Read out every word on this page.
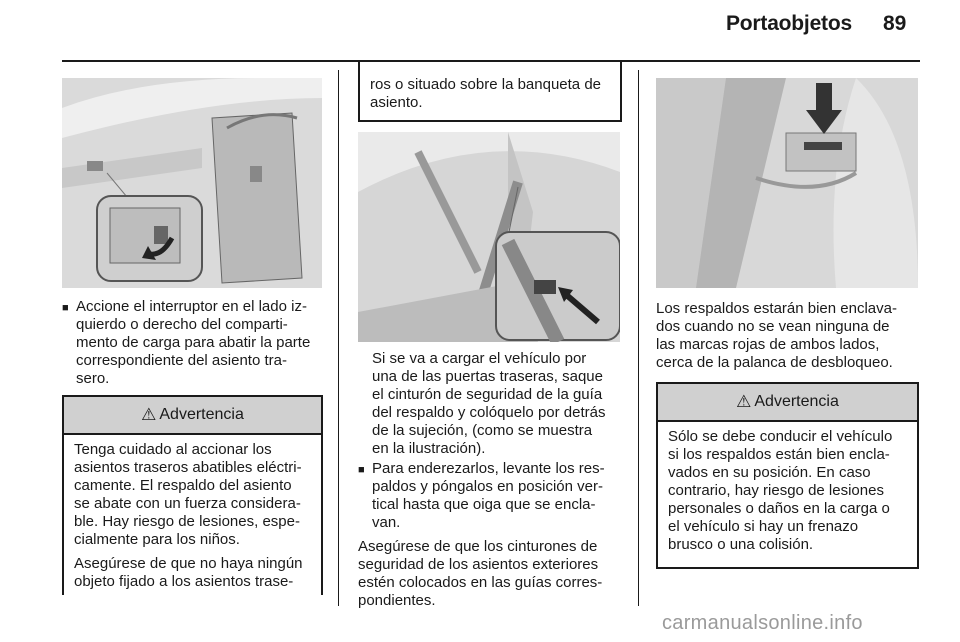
Portaobjetos 89
■ Accione el interruptor en el lado iz-
quierdo o derecho del comparti-
mento de carga para abatir la parte
correspondiente del asiento tra-
sero.

⚠ Advertencia

Tenga cuidado al accionar los
asientos traseros abatibles eléctri-
camente. El respaldo del asiento
se abate con un fuerza considera-
ble. Hay riesgo de lesiones, espe-
cialmente para los niños.

Asegúrese de que no haya ningún
objeto fijado a los asientos trase-

ros o situado sobre la banqueta de
asiento.

Si se va a cargar el vehículo por
una de las puertas traseras, saque
el cinturón de seguridad de la guía
del respaldo y colóquelo por detrás
de la sujeción, (como se muestra
en la ilustración).

■ Para enderezarlos, levante los res-
paldos y póngalos en posición ver-
tical hasta que oiga que se encla-
van.

Asegúrese de que los cinturones de
seguridad de los asientos exteriores
estén colocados en las guías corres-
pondientes.

Los respaldos estarán bien enclava-
dos cuando no se vean ninguna de
las marcas rojas de ambos lados,
cerca de la palanca de desbloqueo.

⚠ Advertencia

Sólo se debe conducir el vehículo
si los respaldos están bien encla-
vados en su posición. En caso
contrario, hay riesgo de lesiones
personales o daños en la carga o
el vehículo si hay un frenazo
brusco o una colisión.

carmanualsonline.info
